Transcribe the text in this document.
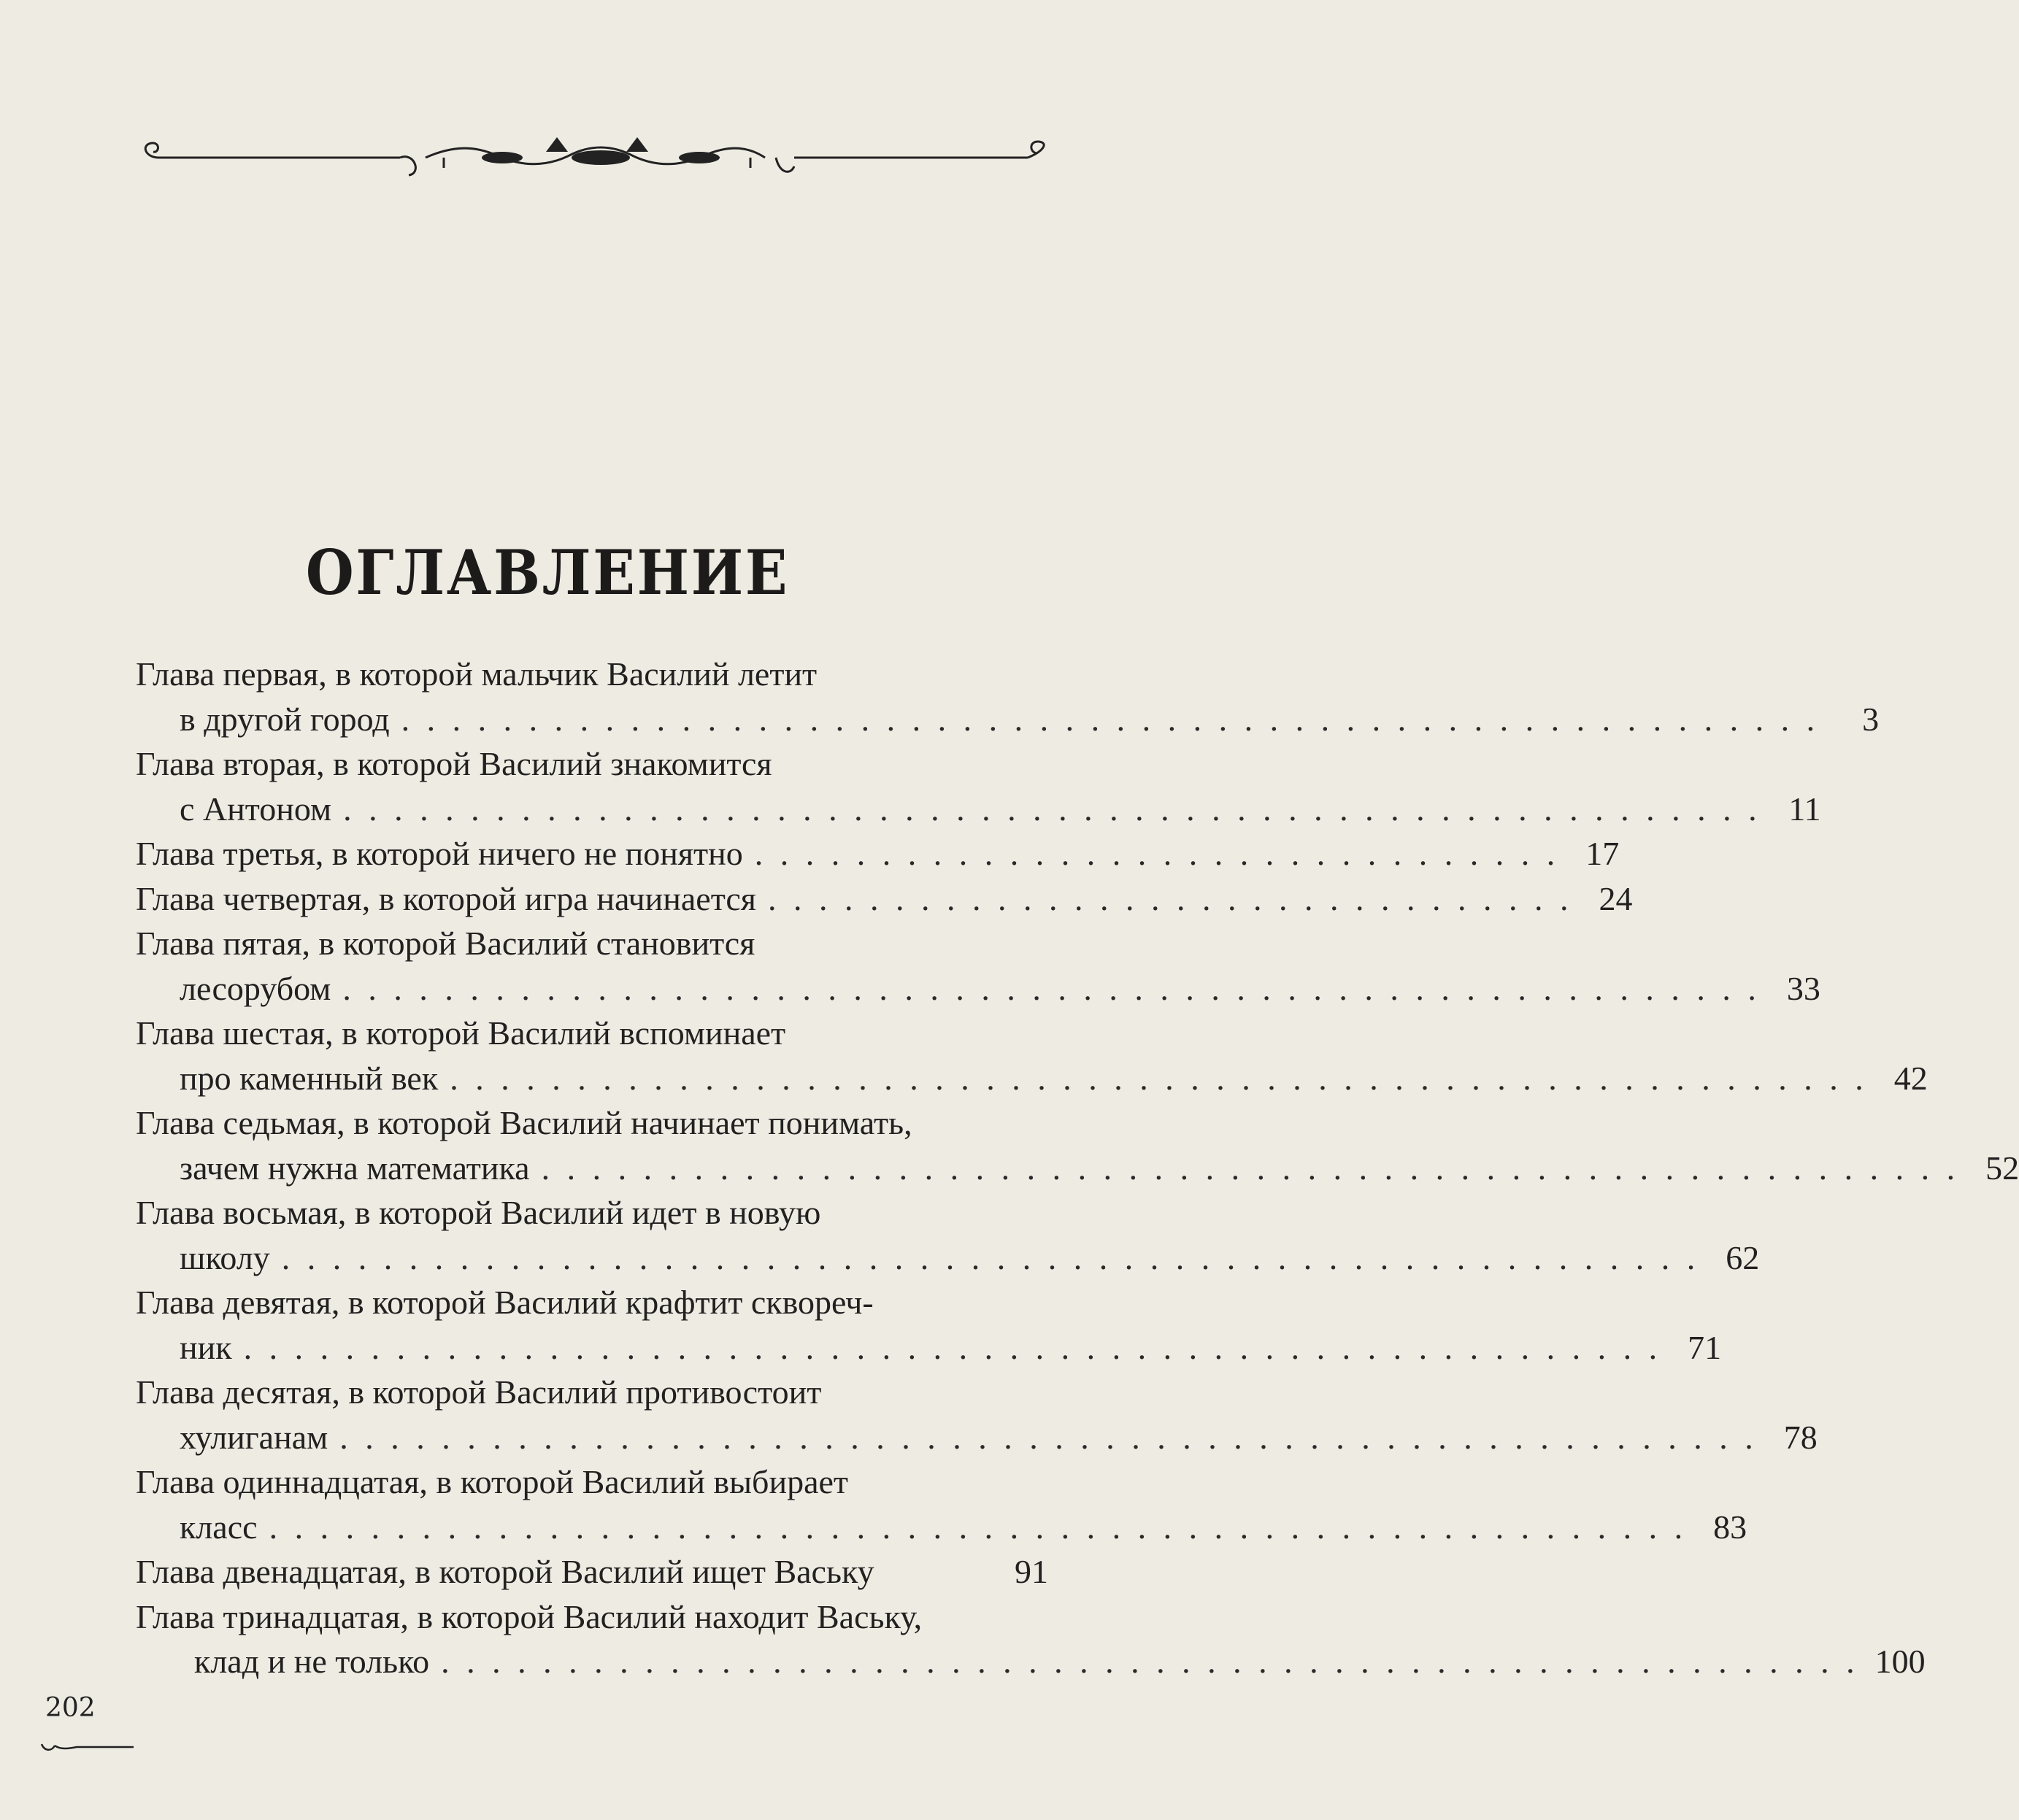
ОГЛАВЛЕНИЕ
Глава первая, в которой мальчик Василий летит
в другой город . . . . . . . . . . . . . . . . . . . . . . . . . . . . . . . . . . . . . . . . . . . . . . . . . . . . . . . .	3
Глава вторая, в которой Василий знакомится
с Антоном . . . . . . . . . . . . . . . . . . . . . . . . . . . . . . . . . . . . . . . . . . . . . . . . . . . . . . . . 11
Глава третья, в которой ничего не понятно . . . . . . . . . . . . . . . . . . . . . . . . . . . . . . . . 17
Глава четвертая, в которой игра начинается . . . . . . . . . . . . . . . . . . . . . . . . . . . . . . . . 24
Глава пятая, в которой Василий становится
лесорубом . . . . . . . . . . . . . . . . . . . . . . . . . . . . . . . . . . . . . . . . . . . . . . . . . . . . . . . . 33
Глава шестая, в которой Василий вспоминает
про каменный век . . . . . . . . . . . . . . . . . . . . . . . . . . . . . . . . . . . . . . . . . . . . . . . . . . . . . . . . 42
Глава седьмая, в которой Василий начинает понимать,
зачем нужна математика . . . . . . . . . . . . . . . . . . . . . . . . . . . . . . . . . . . . . . . . . . . . . . . . . . . . . . . . 52
Глава восьмая, в которой Василий идет в новую
школу . . . . . . . . . . . . . . . . . . . . . . . . . . . . . . . . . . . . . . . . . . . . . . . . . . . . . . . . 62
Глава девятая, в которой Василий крафтит сквореч-
ник . . . . . . . . . . . . . . . . . . . . . . . . . . . . . . . . . . . . . . . . . . . . . . . . . . . . . . . . 71
Глава десятая, в которой Василий противостоит
хулиганам . . . . . . . . . . . . . . . . . . . . . . . . . . . . . . . . . . . . . . . . . . . . . . . . . . . . . . . . 78
Глава одиннадцатая, в которой Василий выбирает
класс . . . . . . . . . . . . . . . . . . . . . . . . . . . . . . . . . . . . . . . . . . . . . . . . . . . . . . . . 83
Глава двенадцатая, в которой Василий ищет Ваську	91
Глава тринадцатая, в которой Василий находит Ваську,
клад и не только . . . . . . . . . . . . . . . . . . . . . . . . . . . . . . . . . . . . . . . . . . . . . . . . . . . . . . . . 100
202
